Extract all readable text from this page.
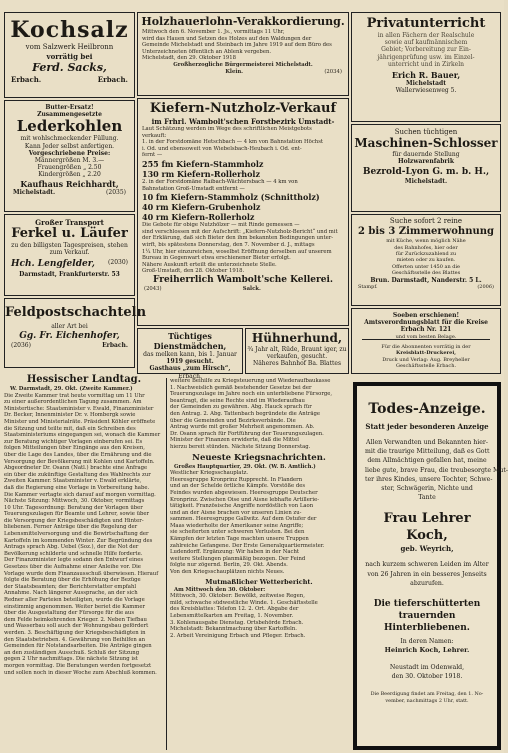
Kochsalz
vom Salzwerk Heilbronn
vorrätig bei
Ferd. Sacks,
Erbach.	Erbach.
Butter-Ersatz!
Zusammengesetzte
Lederkohlen
mit wohlschmeckender Füllung.
Kann Jeder selbst anfertigen.
Vorgeschriebene Preise:
Männergrößen M. 3.—
Frauengrößen „ 2.50
Kindergrößen „ 2.20
Kaufhaus Reichhardt,
Michelstadt.	(2035)
Großer Transport
Ferkel u. Läufer
zu den billigsten Tagespreisen, stehen
zum Verkauf.
Hch. Lengfelder, (2030)
Darmstadt, Frankfurterstr. 53
Feldpostschachteln
aller Art bei
Gg. Fr. Eichenhofer,
(2036)	Erbach.
Hessischer Landtag.
W. Darmstadt, 29. Okt. (Zweite Kammer.)
Die Zweite Kammer trat heute vormittag um 11 Uhr
zu einer außerordentlichen Tagung zusammen. Am
Ministertische: Staatsminister v. Ewald, Finanzminister
Dr. Becker, Innenminister Dr. v. Hombergk sowie
Minister und Ministerialräte. Präsident Köhler eröffnete
die Sitzung und teilte mit, daß ein Schreiben des
Staatsministeriums eingegangen sei, wonach die Kammer
zur Beratung wichtiger Vorlagen einberufen sei. Es
folgen Mitteilungen über Eingänge aus den Kreisen,
über die Lage des Landes, über die Ernährung und die
Versorgung der Bevölkerung mit Kohlen und Kartoffeln.
Abgeordneter Dr. Osann (Natl.) brachte eine Anfrage
ein über die zukünftige Gestaltung des Wahlrechts zur
Zweiten Kammer. Staatsminister v. Ewald erklärte,
daß die Regierung eine Vorlage in Vorbereitung habe.
Die Kammer vertagte sich darauf auf morgen vormittag.
Nächste Sitzung: Mittwoch, 30. Oktober, vormittags
10 Uhr. Tagesordnung: Beratung der Vorlagen über
Teuerungszulagen für Beamte und Lehrer, sowie über
die Versorgung der Kriegsbeschädigten und Hinter-
bliebenen. Ferner Anträge über die Regelung der
Lebensmittelversorgung und die Bewirtschaftung der
Kartoffeln im kommenden Winter. Zur Begründung des
Antrags sprach Abg. Uebel (Soz.), der die Not der
Bevölkerung schilderte und schnelle Hilfe forderte.
Der Finanzminister legte sodann den Entwurf eines
Gesetzes über die Aufnahme einer Anleihe vor. Die
Vorlage wurde dem Finanzausschuß überwiesen. Hierauf
folgte die Beratung über die Erhöhung der Bezüge
der Staatsbeamten; der Berichterstatter empfahl
Annahme. Nach längerer Aussprache, an der sich
Redner aller Parteien beteiligten, wurde die Vorlage
einstimmig angenommen. Weiter beriet die Kammer
über die Ausgestaltung der Fürsorge für die aus
dem Felde heimkehrenden Krieger. 2. Neben Tiefbau
und Wasserbau soll auch der Wohnungsbau gefördert
werden. 3. Beschäftigung der Kriegsbeschädigten in
den Staatsbetrieben. 4. Gewährung von Beihilfen an
Gemeinden für Notstandsarbeiten. Die Anträge gingen
an den zuständigen Ausschuß. Schluß der Sitzung
gegen 2 Uhr nachmittags. Die nächste Sitzung ist
morgen vormittag. Die Beratungen werden fortgesetzt
und sollen noch in dieser Woche zum Abschluß kommen.
Holzhauerlohn-Verakkordierung.
Mittwoch den 6. November 1. Js., vormittags 11 Uhr,
wird das Hauen und Setzen des Holzes auf den Waldungen der
Gemeinde Michelstadt und Steinbach im Jahre 1919 auf dem Büro des
Unterzeichneten öffentlich an Ablenk vergeben.
Michelstadt, den 29. Oktober 1918
Großherzogliche Bürgermeisterei Michelstadt.
Klein.	(2034)
Kiefern-Nutzholz-Verkauf
im Frhrl. Wambolt'schen Forstbezirk Umstadt-
Laut Schätzung werden im Wege des schriftlichen Meistgebots
verkauft:
1. in der Forstdomäne Hetschbach — 4 km von Bahnstation Höchst
i. Od. und ebensoweit von Wiebelsbach-Heubach i. Od. ent-
fernt —
255 fm Kiefern-Stammholz
130 rm Kiefern-Rollerholz
2. in der Forstdomäne Raibach-Wächtersbach — 4 km von
Bahnstation Groß-Umstadt entfernt —
10 fm Kiefern-Stammholz (Schnittholz)
40 rm Kiefern-Grubenholz
40 rm Kiefern-Rollerholz
Die Gebote für obige Nutzhölzer — mit Rinde gemessen —
sind verschlossen mit der Aufschrift: „Kiefern-Nutzholz-Bericht“ und mit
der Erklärung, daß sich Bieter den ihm bekannten Bedingungen unter-
wirft, bis spätestens Donnerstag, den 7. November d. J., mittags
1¼ Uhr, hier einzureichen, woselbst Eröffnung derselben auf unserem
Bureau in Gegenwart etwa erschienener Bieter erfolgt.
Nähere Auskunft erteilt die unterzeichnete Stelle.
Groß-Umstadt, den 28. Oktober 1918.
Freiherrlich Wambolt'sche Kellerei.
(2043)	Salck.
Tüchtiges Dienstmädchen,
das melken kann, bis 1. Januar
1919 gesucht.
Gasthaus „zum Hirsch“,
Erbach.
Hühnerhund,
¾ Jahr alt, Rüde, Braunt iger, zu
verkaufen, gesucht.
Näheres Bahnhof Ba. Blattes
weitere Beihilfe zu Kriegsteuerung und Wiederaufbaukasse
1. Nachweislich gemäß bestehender Gesetze bei der
Teuerungszulage im Jahre noch ein unterbliebene Fürsorge,
beantragt, die seine Rechte sind im Wiederaufbau
der Gemeinden zu gewähren. Abg. Hauck sprach für
den Antrag. 2. Abg. Tattenbach begründete die Anträge
über die Gemeinden und Bezirksverbände. Die
Antrag wurde mit großer Mehrheit angenommen. Ab.
Dr. Osann sprach für Fortführung der Teuerungszulagen.
Minister der Finanzen erwiderte, daß die Mittel
hierzu bereit stünden. Nächste Sitzung Donnerstag.
Neueste Kriegsnachrichten.
Großes Hauptquartier, 29. Okt. (W. B. Amtlich.)
Westlicher Kriegsschauplatz.
Heeresgruppe Kronprinz Rupprecht. In Flandern
und an der Schelde örtliche Kämpfe. Vorstöße des
Feindes wurden abgewiesen. Heeresgruppe Deutscher
Kronprinz. Zwischen Oise und Aisne lebhafte Artillerie-
tätigkeit. Französische Angriffe nordöstlich von Laon
und an der Aisne brachen vor unseren Linien zu-
sammen. Heeresgruppe Gallwitz. Auf dem Ostufer der
Maas wiederholte der Amerikaner seine Angriffe;
sie scheiterten unter schweren Verlusten. Bei den
Kämpfen der letzten Tage machten unsere Truppen
zahlreiche Gefangene. Der Erste Generalquartiermeister.
Ludendorff. Ergänzung: Wir haben in der Nacht
weitere Stellungen planmäßig bezogen. Der Feind
folgte nur zögernd. Berlin, 29. Okt. Abends.
Von den Kriegsschauplätzen nichts Neues.
Mutmaßlicher Wetterbericht.
Am Mittwoch den 30. Oktober:
Mittwoch, 30. Oktober: Bewölkt, zeitweise Regen,
mild, schwache südwestliche Winde. 1. Geschäftsstelle
des Kreisblattes: Telefon 12. 2. Ort. Abgabe der
Lebensmittelkarten am Freitag, 1. November.
3. Kohlenausgabe Dienstag. Ortsbehörde Erbach.
Michelstadt: Bekanntmachung über Kartoffeln.
2. Arbeit Vereinigung Erbach und Pfleger. Erbach.
Privatunterricht
in allen Fächern der Realschule
sowie auf kaufmännischem
Gebiet; Vorbereitung zur Ein-
jährigenprüfung usw. im Einzel-
unterricht und in Zirkeln
Erich R. Bauer,
Michelstadt
Wallerwiesenweg 5.
Suchen tüchtigen
Maschinen-Schlosser
für dauernde Stellung
Holzwarenfabrik
Bezrold-Lyon G. m. b. H.,
Michelstadt.
Suche sofort 2 reine
2 bis 3 Zimmerwohnung
mit Küche, wenn möglich Nähe
des Bahnhofes, hier oder
für Zurückzuzahlend zu
mieten oder zu kaufen.
Offerten unter 1450 an die
Geschäftsstelle des Blattes
Brun. Darmstadt, Nanderstr. 5 L.
Stampf.	(2006)
Soeben erschienen!
Amtsverordnungsblatt für die Kreise Erbach Nr. 121
und vom besten Belage.
Für die Abonnenten vorrätig in der
Kreisblatt-Druckerei,
Druck und Verlag: Aug. Breyheller
Geschäftsstelle Erbach.
Todes-Anzeige.
Statt jeder besonderen Anzeige
Allen Verwandten und Bekannten hier-
mit die traurige Mitteilung, daß es Gott
dem Allmächtigen gefallen hat, meine
liebe gute, brave Frau, die treubesorgte Mut-
ter ihres Kindes, unsere Tochter, Schwe-
ster, Schwägerin, Nichte und
Tante
Frau Lehrer Koch,
geb. Weyrich,
nach kurzem schweren Leiden im Alter
von 26 Jahren in ein besseres Jenseits
abzurufen.
Die tieferschütterten
trauernden Hinterbliebenen.
In deren Namen:
Heinrich Koch, Lehrer.
Neustadt im Odenwald,
den 30. Oktober 1918.
Die Beerdigung findet am Freitag, den 1. No-
vember, nachmittags 2 Uhr, statt.
